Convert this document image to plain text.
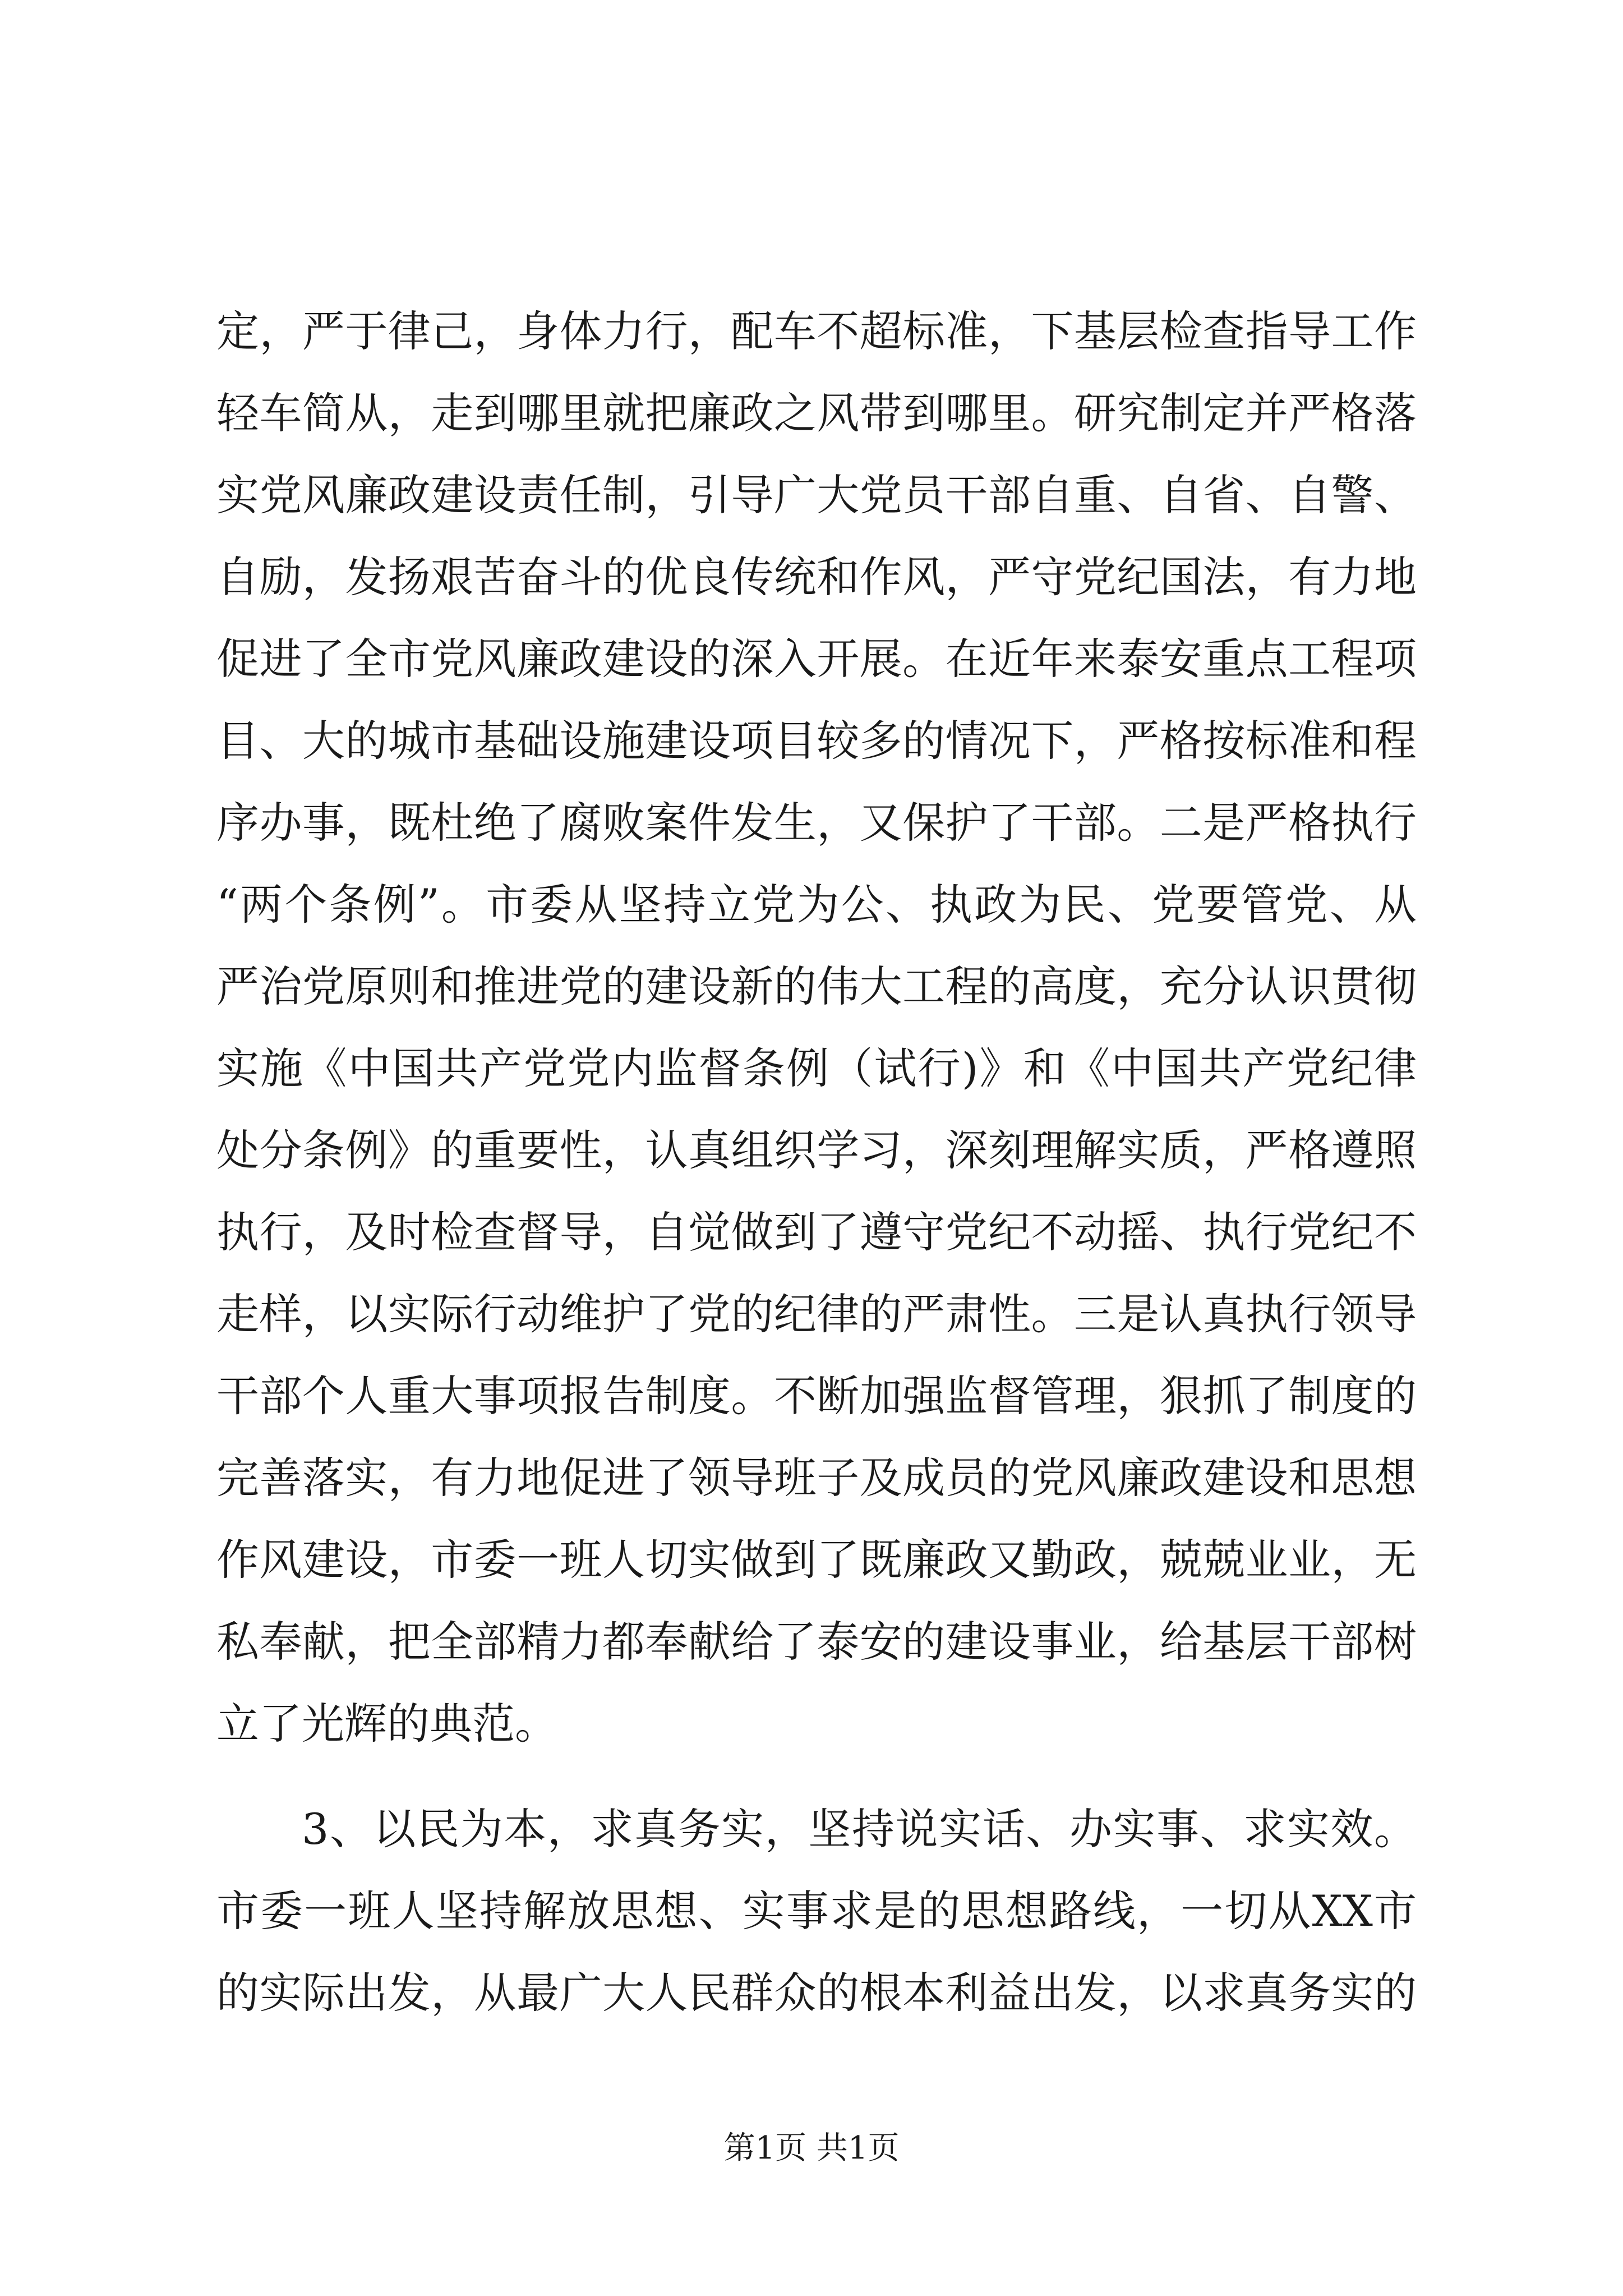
定，严于律己，身体力行，配车不超标准，下基层检查指导工作
轻车简从，走到哪里就把廉政之风带到哪里。研究制定并严格落
实党风廉政建设责任制，引导广大党员干部自重、自省、自警、
自励，发扬艰苦奋斗的优良传统和作风，严守党纪国法，有力地
促进了全市党风廉政建设的深入开展。在近年来泰安重点工程项
目、大的城市基础设施建设项目较多的情况下，严格按标准和程
序办事，既杜绝了腐败案件发生，又保护了干部。二是严格执行
“两个条例”。市委从坚持立党为公、执政为民、党要管党、从
严治党原则和推进党的建设新的伟大工程的高度，充分认识贯彻
实施《中国共产党党内监督条例（试行)》和《中国共产党纪律
处分条例》的重要性，认真组织学习，深刻理解实质，严格遵照
执行，及时检查督导，自觉做到了遵守党纪不动摇、执行党纪不
走样，以实际行动维护了党的纪律的严肃性。三是认真执行领导
干部个人重大事项报告制度。不断加强监督管理，狠抓了制度的
完善落实，有力地促进了领导班子及成员的党风廉政建设和思想
作风建设，市委一班人切实做到了既廉政又勤政，兢兢业业，无
私奉献，把全部精力都奉献给了泰安的建设事业，给基层干部树
立了光辉的典范。
3、以民为本，求真务实，坚持说实话、办实事、求实效。
市委一班人坚持解放思想、实事求是的思想路线，一切从XX市
的实际出发，从最广大人民群众的根本利益出发，以求真务实的
第1页 共1页
